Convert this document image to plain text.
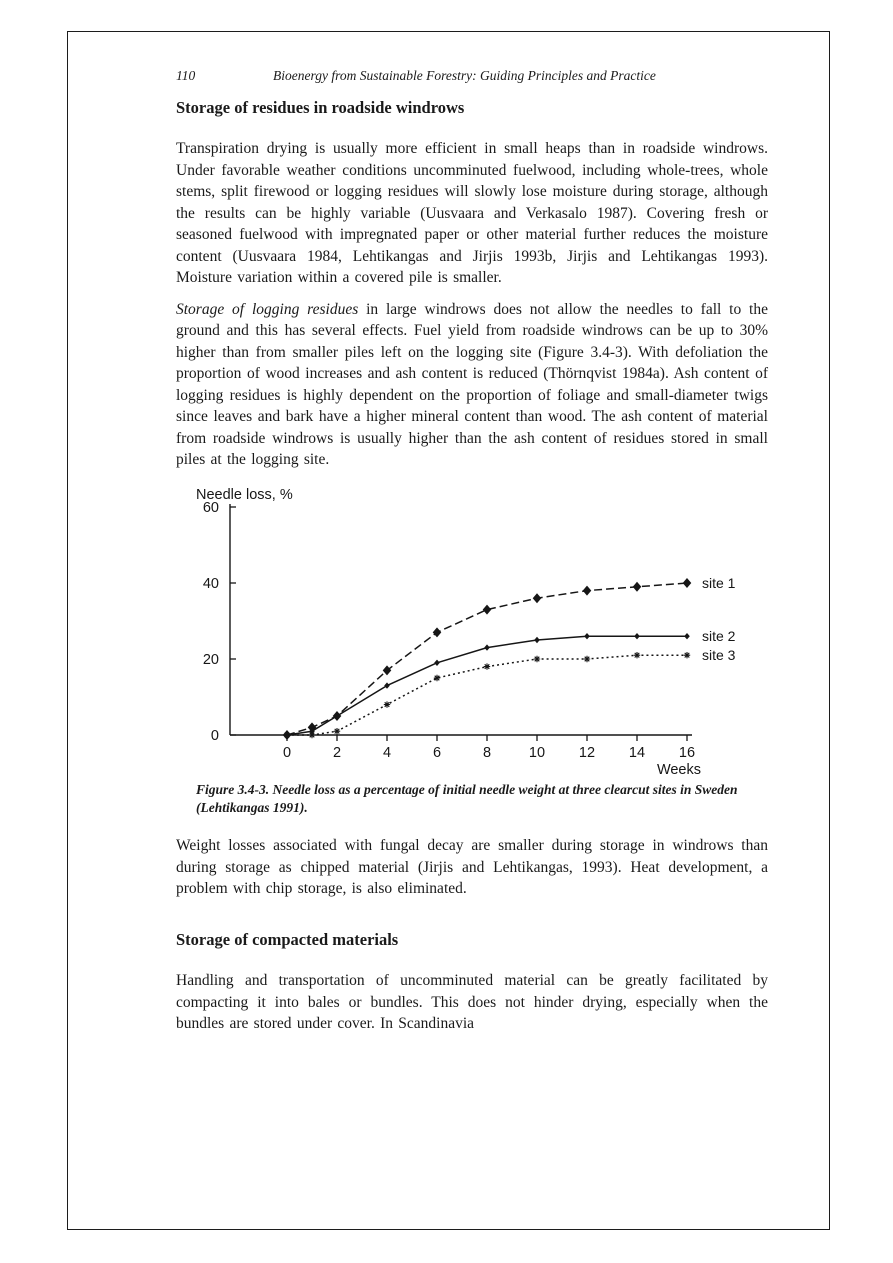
110	Bioenergy from Sustainable Forestry: Guiding Principles and Practice
Storage of residues in roadside windrows

Transpiration drying is usually more efficient in small heaps than in roadside windrows. Under favorable weather conditions uncomminuted fuelwood, including whole-trees, whole stems, split firewood or logging residues will slowly lose moisture during storage, although the results can be highly variable (Uusvaara and Verkasalo 1987). Covering fresh or seasoned fuelwood with impregnated paper or other material further reduces the moisture content (Uusvaara 1984, Lehtikangas and Jirjis 1993b, Jirjis and Lehtikangas 1993). Moisture variation within a covered pile is smaller.

Storage of logging residues in large windrows does not allow the needles to fall to the ground and this has several effects. Fuel yield from roadside windrows can be up to 30% higher than from smaller piles left on the logging site (Figure 3.4-3). With defoliation the proportion of wood increases and ash content is reduced (Thörnqvist 1984a). Ash content of logging residues is highly dependent on the proportion of foliage and small-diameter twigs since leaves and bark have a higher mineral content than wood. The ash content of material from roadside windrows is usually higher than the ash content of residues stored in small piles at the logging site.

0
20
40
60
0	2	4	6	8	10 12 14 16
Needle loss, %
Weeks
site 1
site 2
site 3

Figure 3.4-3. Needle loss as a percentage of initial needle weight at three clearcut sites in Sweden (Lehtikangas 1991).

Weight losses associated with fungal decay are smaller during storage in windrows than during storage as chipped material (Jirjis and Lehtikangas, 1993). Heat development, a problem with chip storage, is also eliminated.

Storage of compacted materials

Handling and transportation of uncomminuted material can be greatly facilitated by compacting it into bales or bundles. This does not hinder drying, especially when the bundles are stored under cover. In Scandinavia
